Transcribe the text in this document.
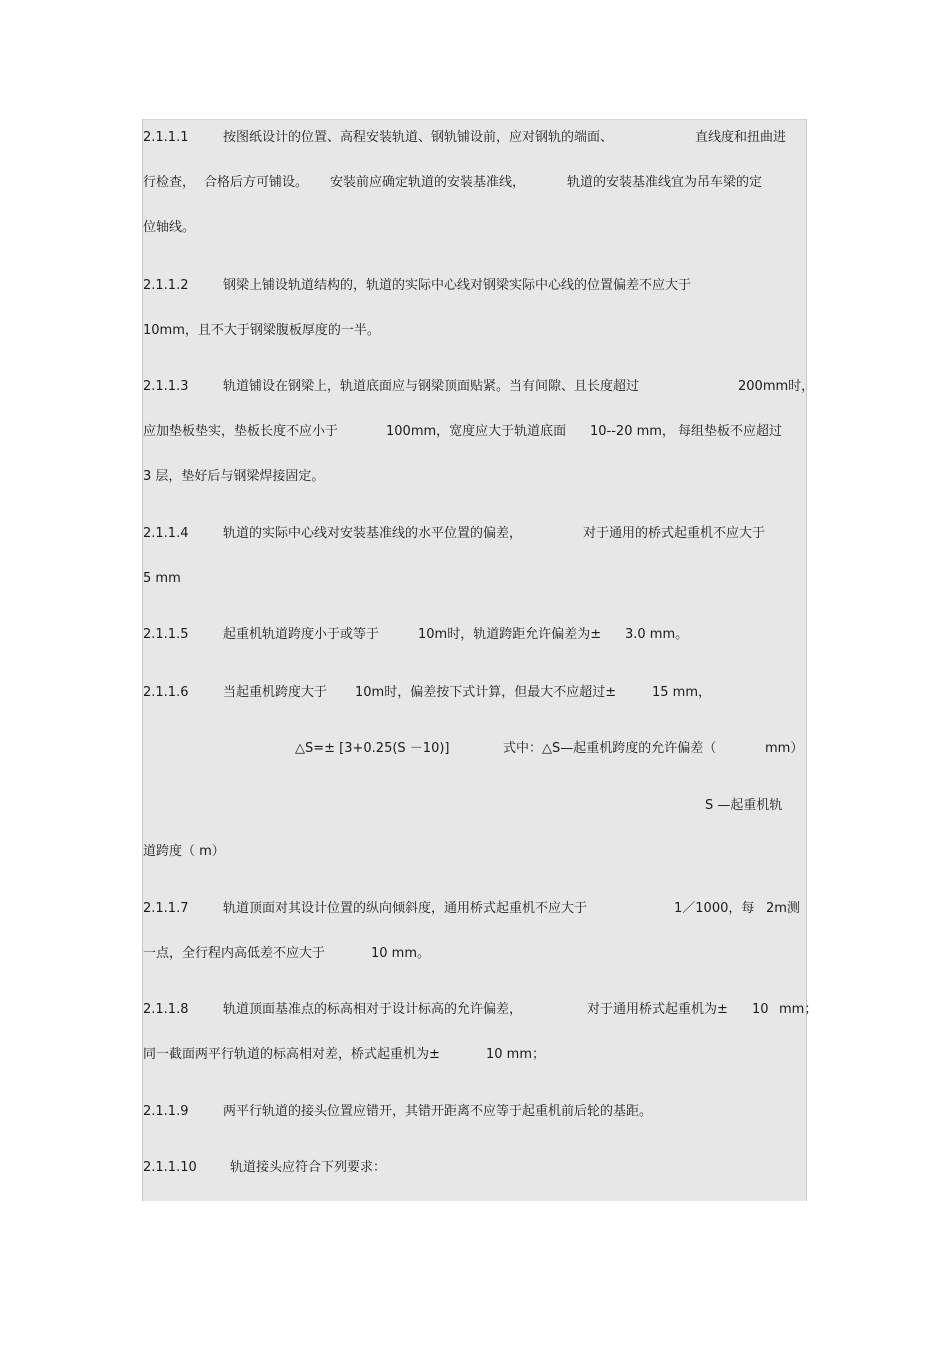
2.1.1.1	按图纸设计的位置、高程安装轨道、钢轨铺设前，应对钢轨的端面、	直线度和扭曲进
行检查， 合格后方可铺设。 安装前应确定轨道的安装基准线，	轨道的安装基准线宜为吊车梁的定
位轴线。
2.1.1.2	钢梁上铺设轨道结构的，轨道的实际中心线对钢梁实际中心线的位置偏差不应大于
10mm，且不大于钢梁腹板厚度的一半。
2.1.1.3	轨道铺设在钢梁上，轨道底面应与钢梁顶面贴紧。当有间隙、且长度超过	200mm时，
应加垫板垫实，垫板长度不应小于	100mm，宽度应大于轨道底面 10--20 mm， 每组垫板不应超过
3 层，垫好后与钢梁焊接固定。
2.1.1.4	轨道的实际中心线对安装基准线的水平位置的偏差，	对于通用的桥式起重机不应大于
5 mm
2.1.1.5	起重机轨道跨度小于或等于	10m时，轨道跨距允许偏差为± 3.0 mm。
2.1.1.6	当起重机跨度大于 10m时，偏差按下式计算，但最大不应超过±	15 mm，
△S=± [3+0.25(S －10)]	式中：△S—起重机跨度的允许偏差（	mm）
S —起重机轨
道跨度（ m）
2.1.1.7	轨道顶面对其设计位置的纵向倾斜度，通用桥式起重机不应大于	1／1000，每 2m测
一点，全行程内高低差不应大于	10 mm。
2.1.1.8	轨道顶面基准点的标高相对于设计标高的允许偏差，	对于通用桥式起重机为± 10 mm；
同一截面两平行轨道的标高相对差，桥式起重机为±	10 mm；
2.1.1.9	两平行轨道的接头位置应错开，其错开距离不应等于起重机前后轮的基距。
2.1.1.10	轨道接头应符合下列要求：
